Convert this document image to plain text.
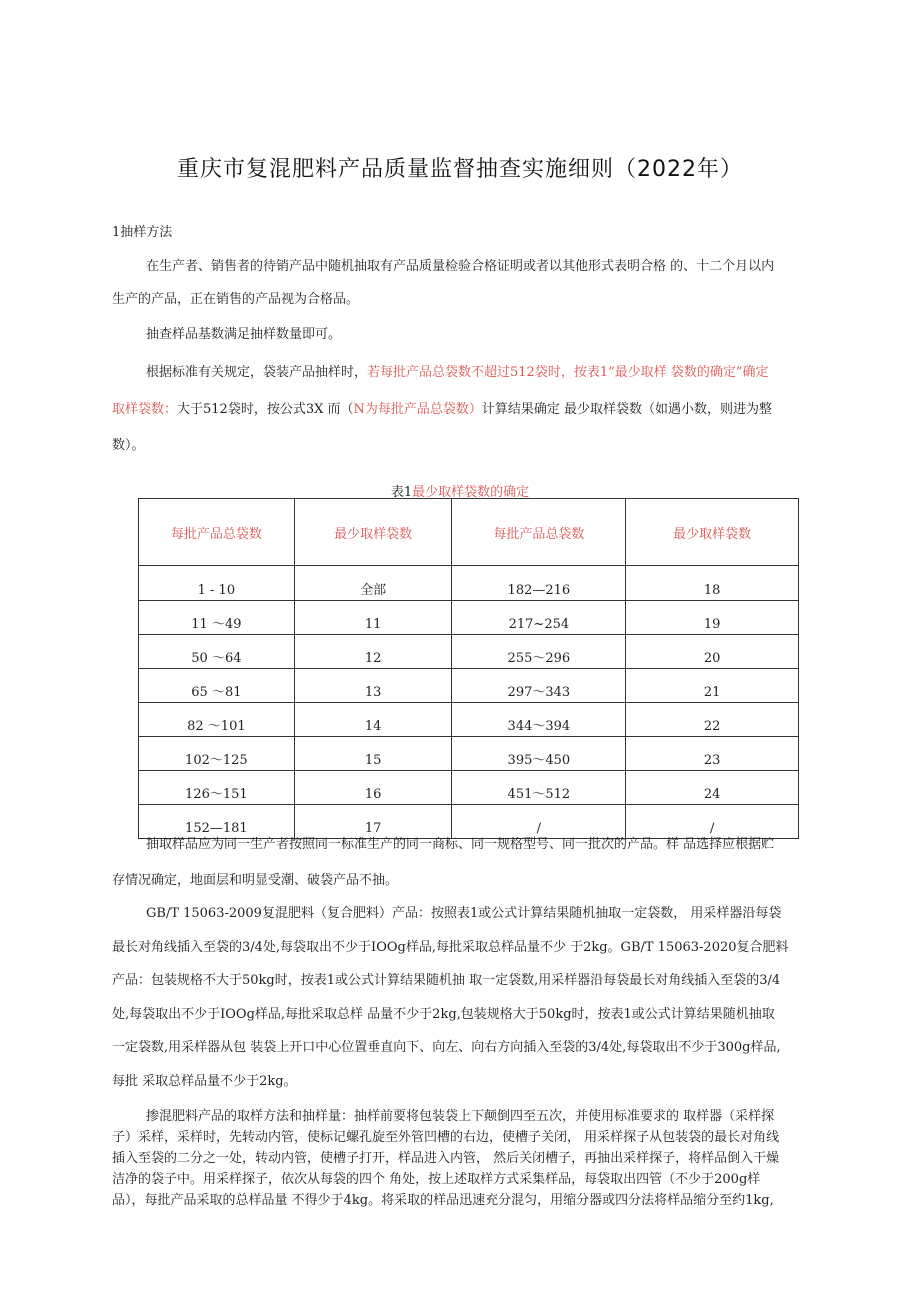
重庆市复混肥料产品质量监督抽查实施细则（2022年）
1抽样方法
在生产者、销售者的待销产品中随机抽取有产品质量检验合格证明或者以其他形式表明合格 的、十二个月以内
生产的产品，正在销售的产品视为合格品。
抽查样品基数满足抽样数量即可。
根据标准有关规定，袋装产品抽样时，若每批产品总袋数不超过512袋时，按表1”最少取样 袋数的确定”确定
取样袋数：大于512袋时，按公式3X 而（N为每批产品总袋数）计算结果确定 最少取样袋数（如遇小数，则进为整
数）。
表1最少取样袋数的确定
每批产品总袋数	最少取样袋数	每批产品总袋数	最少取样袋数
1 - 10	全部	182—216	18
11 ～49	11	217~254	19
50 ～64	12	255～296	20
65 ～81	13	297～343	21
82 ～101	14	344～394	22
102～125	15	395～450	23
126～151	16	451～512	24
152—181	17	/	/
抽取样品应为同一生产者按照同一标准生产的同一商标、同一规格型号、同一批次的产品。样 品选择应根据贮
存情况确定，地面层和明显受潮、破袋产品不抽。
GB/T 15063-2009复混肥料（复合肥料）产品：按照表1或公式计算结果随机抽取一定袋数， 用采样器沿每袋
最长对角线插入至袋的3/4处,每袋取出不少于IOOg样品,每批采取总样品量不少 于2kg。GB/T 15063-2020复合肥料
产品：包装规格不大于50kg时，按表1或公式计算结果随机抽 取一定袋数,用采样器沿每袋最长对角线插入至袋的3/4
处,每袋取出不少于IOOg样品,每批采取总样 品量不少于2kg,包装规格大于50kg时，按表1或公式计算结果随机抽取
一定袋数,用采样器从包 装袋上开口中心位置垂直向下、向左、向右方向插入至袋的3/4处,每袋取出不少于300g样品,
每批 采取总样品量不少于2kg。
掺混肥料产品的取样方法和抽样量：抽样前要将包装袋上下颠倒四至五次，并使用标准要求的 取样器（采样探
子）采样，采样时，先转动内管，使标记螺孔旋至外管凹槽的右边，使槽子关闭， 用采样探子从包装袋的最长对角线
插入至袋的二分之一处，转动内管，使槽子打开，样品进入内管， 然后关闭槽子，再抽出采样探子，将样品倒入干燥
洁净的袋子中。用采样探子，依次从每袋的四个 角处，按上述取样方式采集样品，每袋取出四管（不少于200g样
品），每批产品采取的总样品量 不得少于4kg。将采取的样品迅速充分混匀，用缩分器或四分法将样品缩分至约1kg,
